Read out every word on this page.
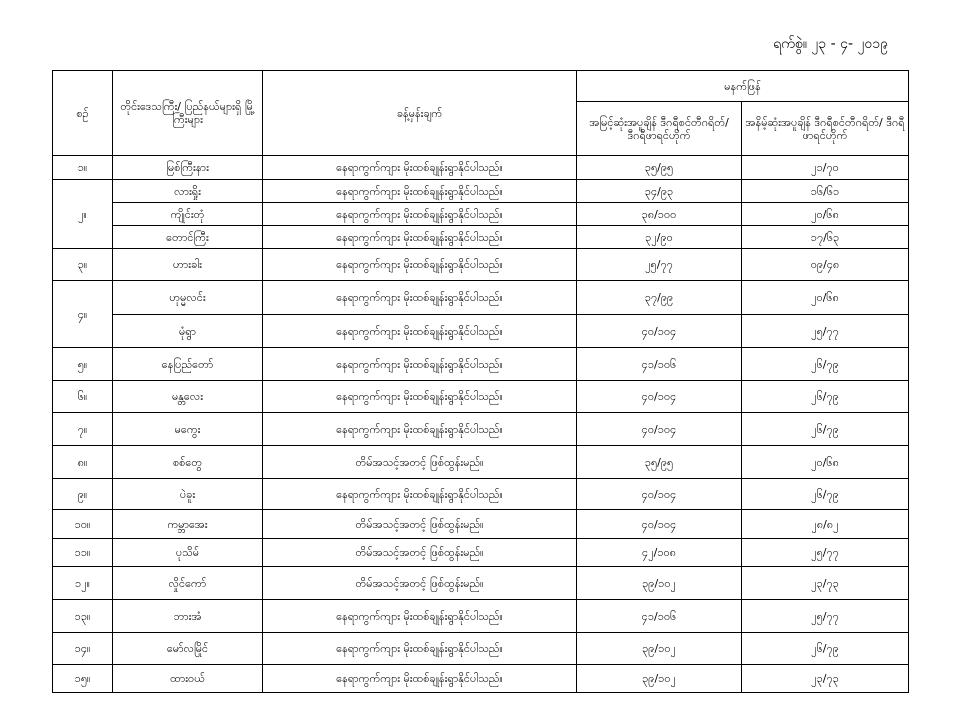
ရက်စွဲ။ ၂၃ - ၄- ၂၀၁၉
စဉ်	တိုင်းဒေသကြီး/ ပြည်နယ်များရှိ မြို့ကြီးများ	ခန့်မှန်းချက်	မနက်ဖြန်	
			အမြင့်ဆုံးအပူချိန် ဒီဂရီစင်တီဂရိတ်/ ဒီဂရီဖာရင်ဟိုက်	အနိမ့်ဆုံးအပူချိန် ဒီဂရီစင်တီဂရိတ်/ ဒီဂရီဖာရင်ဟိုက်
၁။	မြစ်ကြီးနား	နေရာကွက်ကျား မိုးထစ်ချုန်းရွာနိုင်ပါသည်။	၃၅/၉၅	၂၁/၇၀
၂။	လားရှိုး	နေရာကွက်ကျား မိုးထစ်ချုန်းရွာနိုင်ပါသည်။	၃၄/၉၃	၁၆/၆၁
	ကျိုင်းတုံ	နေရာကွက်ကျား မိုးထစ်ချုန်းရွာနိုင်ပါသည်။	၃၈/၁၀၀	၂၀/၆၈
	တောင်ကြီး	နေရာကွက်ကျား မိုးထစ်ချုန်းရွာနိုင်ပါသည်။	၃၂/၉၀	၁၇/၆၃
၃။	ဟားခါး	နေရာကွက်ကျား မိုးထစ်ချုန်းရွာနိုင်ပါသည်။	၂၅/၇၇	၀၉/၄၈
၄။	ဟုမ္မလင်း	နေရာကွက်ကျား မိုးထစ်ချုန်းရွာနိုင်ပါသည်။	၃၇/၉၉	၂၀/၆၈
	မုံရွာ	နေရာကွက်ကျား မိုးထစ်ချုန်းရွာနိုင်ပါသည်။	၄၀/၁၀၄	၂၅/၇၇
၅။	နေပြည်တော်	နေရာကွက်ကျား မိုးထစ်ချုန်းရွာနိုင်ပါသည်။	၄၁/၁၀၆	၂၆/၇၉
၆။	မန္တလေး	နေရာကွက်ကျား မိုးထစ်ချုန်းရွာနိုင်ပါသည်။	၄၀/၁၀၄	၂၆/၇၉
၇။	မကွေး	နေရာကွက်ကျား မိုးထစ်ချုန်းရွာနိုင်ပါသည်။	၄၀/၁၀၄	၂၆/၇၉
၈။	စစ်တွေ	တိမ်အသင့်အတင့် ဖြစ်ထွန်းမည်။	၃၅/၉၅	၂၀/၆၈
၉။	ပဲခူး	နေရာကွက်ကျား မိုးထစ်ချုန်းရွာနိုင်ပါသည်။	၄၀/၁၀၄	၂၆/၇၉
၁၀။	ကမ္ဘာအေး	တိမ်အသင့်အတင့် ဖြစ်ထွန်းမည်။	၄၀/၁၀၄	၂၈/၈၂
၁၁။	ပုသိမ်	တိမ်အသင့်အတင့် ဖြစ်ထွန်းမည်။	၄၂/၁၀၈	၂၅/၇၇
၁၂။	လှိုင်ကော်	တိမ်အသင့်အတင့် ဖြစ်ထွန်းမည်။	၃၉/၁၀၂	၂၃/၇၃
၁၃။	ဘားအံ	နေရာကွက်ကျား မိုးထစ်ချုန်းရွာနိုင်ပါသည်။	၄၁/၁၀၆	၂၅/၇၇
၁၄။	မော်လမြိုင်	နေရာကွက်ကျား မိုးထစ်ချုန်းရွာနိုင်ပါသည်။	၃၉/၁၀၂	၂၆/၇၉
၁၅။	ထားဝယ်	နေရာကွက်ကျား မိုးထစ်ချုန်းရွာနိုင်ပါသည်။	၃၉/၁၀၂	၂၃/၇၃
